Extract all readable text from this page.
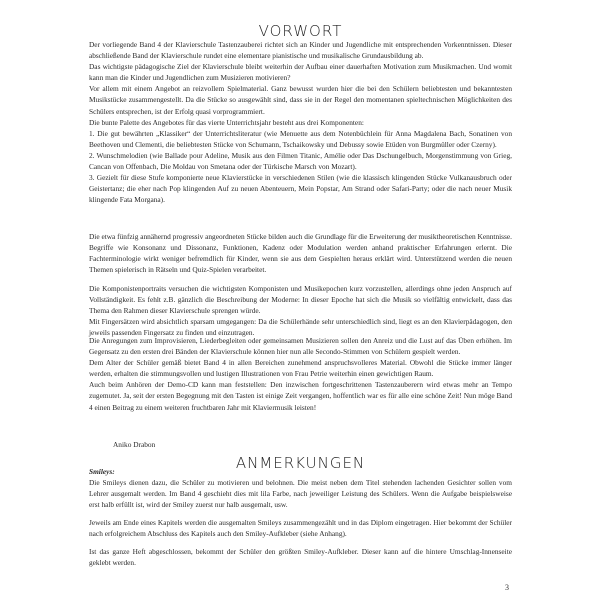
VORWORT

Der vorliegende Band 4 der Klavierschule Tastenzauberei richtet sich an Kinder und Jugendliche mit entsprechenden Vorkenntnissen. Dieser abschließende Band der Klavierschule rundet eine elementare pianistische und musikalische Grundausbildung ab.

Das wichtigste pädagogische Ziel der Klavierschule bleibt weiterhin der Aufbau einer dauerhaften Motivation zum Musikmachen. Und womit kann man die Kinder und Jugendlichen zum Musizieren motivieren?

Vor allem mit einem Angebot an reizvollem Spielmaterial. Ganz bewusst wurden hier die bei den Schülern beliebtesten und bekanntesten Musikstücke zusammengestellt. Da die Stücke so ausgewählt sind, dass sie in der Regel den momentanen spieltechnischen Möglichkeiten des Schülers entsprechen, ist der Erfolg quasi vorprogrammiert.

Die bunte Palette des Angebotes für das vierte Unterrichtsjahr besteht aus drei Komponenten:

1. Die gut bewährten „Klassiker“ der Unterrichtsliteratur (wie Menuette aus dem Notenbüchlein für Anna Magdalena Bach, Sonatinen von Beethoven und Clementi, die beliebtesten Stücke von Schumann, Tschaikowsky und Debussy sowie Etüden von Burgmüller oder Czerny).

2. Wunschmelodien (wie Ballade pour Adeline, Musik aus den Filmen Titanic, Amélie oder Das Dschungelbuch, Morgenstimmung von Grieg, Cancan von Offenbach, Die Moldau von Smetana oder der Türkische Marsch von Mozart).

3. Gezielt für diese Stufe komponierte neue Klavierstücke in verschiedenen Stilen (wie die klassisch klingenden Stücke Vulkanausbruch oder Geistertanz; die eher nach Pop klingenden Auf zu neuen Abenteuern, Mein Popstar, Am Strand oder Safari-Party; oder die nach neuer Musik klingende Fata Morgana).

Die etwa fünfzig annähernd progressiv angeordneten Stücke bilden auch die Grundlage für die Erweiterung der musiktheoretischen Kenntnisse. Begriffe wie Konsonanz und Dissonanz, Funktionen, Kadenz oder Modulation werden anhand praktischer Erfahrungen erlernt. Die Fachterminologie wirkt weniger befremdlich für Kinder, wenn sie aus dem Gespielten heraus erklärt wird. Unterstützend werden die neuen Themen spielerisch in Rätseln und Quiz-Spielen verarbeitet.

Die Komponistenportraits versuchen die wichtigsten Komponisten und Musikepochen kurz vorzustellen, allerdings ohne jeden Anspruch auf Vollständigkeit. Es fehlt z.B. gänzlich die Beschreibung der Moderne: In dieser Epoche hat sich die Musik so vielfältig entwickelt, dass das Thema den Rahmen dieser Klavierschule sprengen würde.

Mit Fingersätzen wird absichtlich sparsam umgegangen: Da die Schülerhände sehr unterschiedlich sind, liegt es an den Klavierpädagogen, den jeweils passenden Fingersatz zu finden und einzutragen.

Die Anregungen zum Improvisieren, Liederbegleiten oder gemeinsamen Musizieren sollen den Anreiz und die Lust auf das Üben erhöhen. Im Gegensatz zu den ersten drei Bänden der Klavierschule können hier nun alle Secondo-Stimmen von Schülern gespielt werden.

Dem Alter der Schüler gemäß bietet Band 4 in allen Bereichen zunehmend anspruchsvolleres Material. Obwohl die Stücke immer länger werden, erhalten die stimmungsvollen und lustigen Illustrationen von Frau Petrie weiterhin einen gewichtigen Raum.

Auch beim Anhören der Demo-CD kann man feststellen: Den inzwischen fortgeschrittenen Tastenzauberern wird etwas mehr an Tempo zugemutet. Ja, seit der ersten Begegnung mit den Tasten ist einige Zeit vergangen, hoffentlich war es für alle eine schöne Zeit! Nun möge Band 4 einen Beitrag zu einem weiteren fruchtbaren Jahr mit Klaviermusik leisten!

Aniko Drabon
ANMERKUNGEN

Smileys:

Die Smileys dienen dazu, die Schüler zu motivieren und belohnen. Die meist neben dem Titel stehenden lachenden Gesichter sollen vom Lehrer ausgemalt werden. Im Band 4 geschieht dies mit lila Farbe, nach jeweiliger Leistung des Schülers. Wenn die Aufgabe beispielsweise erst halb erfüllt ist, wird der Smiley zuerst nur halb ausgemalt, usw.

Jeweils am Ende eines Kapitels werden die ausgemalten Smileys zusammengezählt und in das Diplom eingetragen. Hier bekommt der Schüler nach erfolgreichem Abschluss des Kapitels auch den Smiley-Aufkleber (siehe Anhang).

Ist das ganze Heft abgeschlossen, bekommt der Schüler den größten Smiley-Aufkleber. Dieser kann auf die hintere Umschlag-Innenseite geklebt werden.

3
